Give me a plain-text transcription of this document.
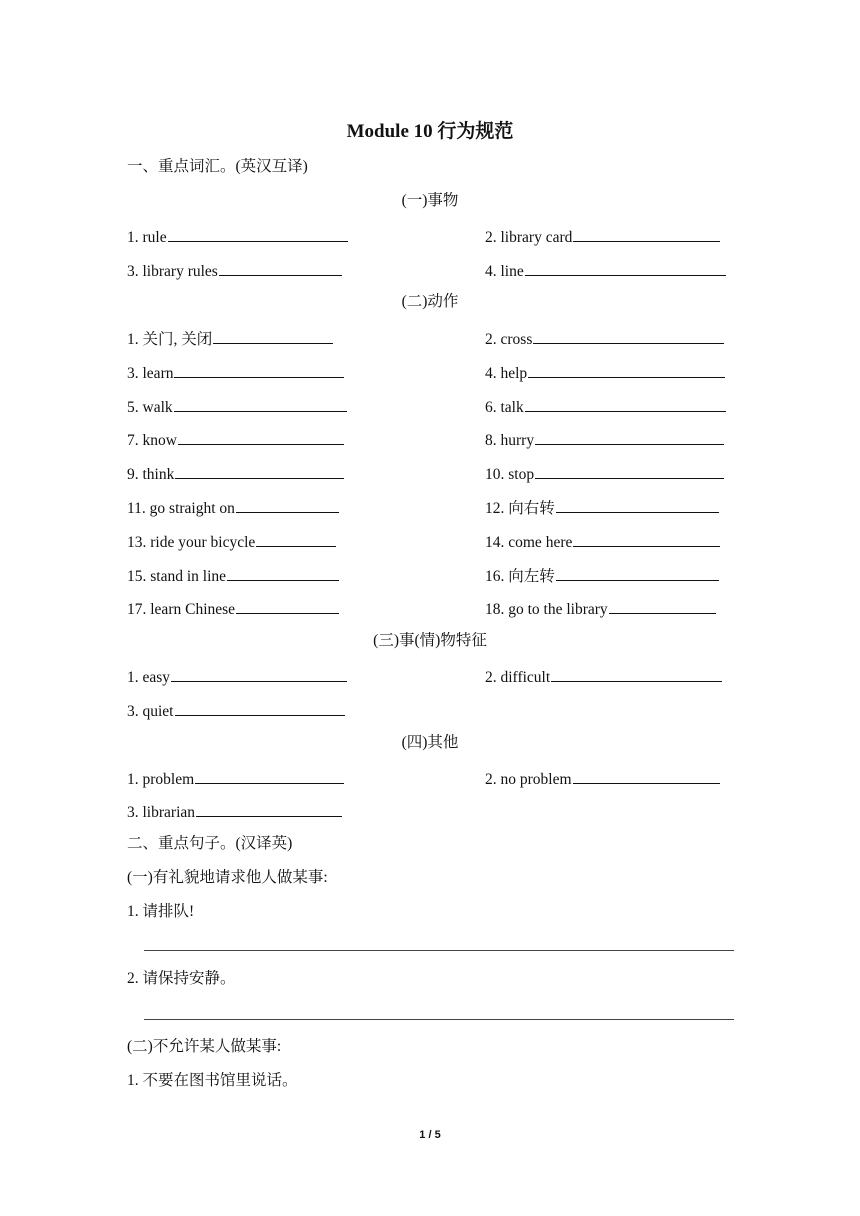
Module 10 行为规范
一、重点词汇。(英汉互译)
(一)事物
1. rule	2. library card
3. library rules	4. line
(二)动作
1. 关门, 关闭	2. cross
3. learn	4. help
5. walk	6. talk
7. know	8. hurry
9. think	10. stop
11. go straight on	12. 向右转
13. ride your bicycle	14. come here
15. stand in line	16. 向左转
17. learn Chinese	18. go to the library
(三)事(情)物特征
1. easy	2. difficult
3. quiet
(四)其他
1. problem	2. no problem
3. librarian
二、重点句子。(汉译英)
(一)有礼貌地请求他人做某事:
1. 请排队!
2. 请保持安静。
(二)不允许某人做某事:
1. 不要在图书馆里说话。
1 / 5
